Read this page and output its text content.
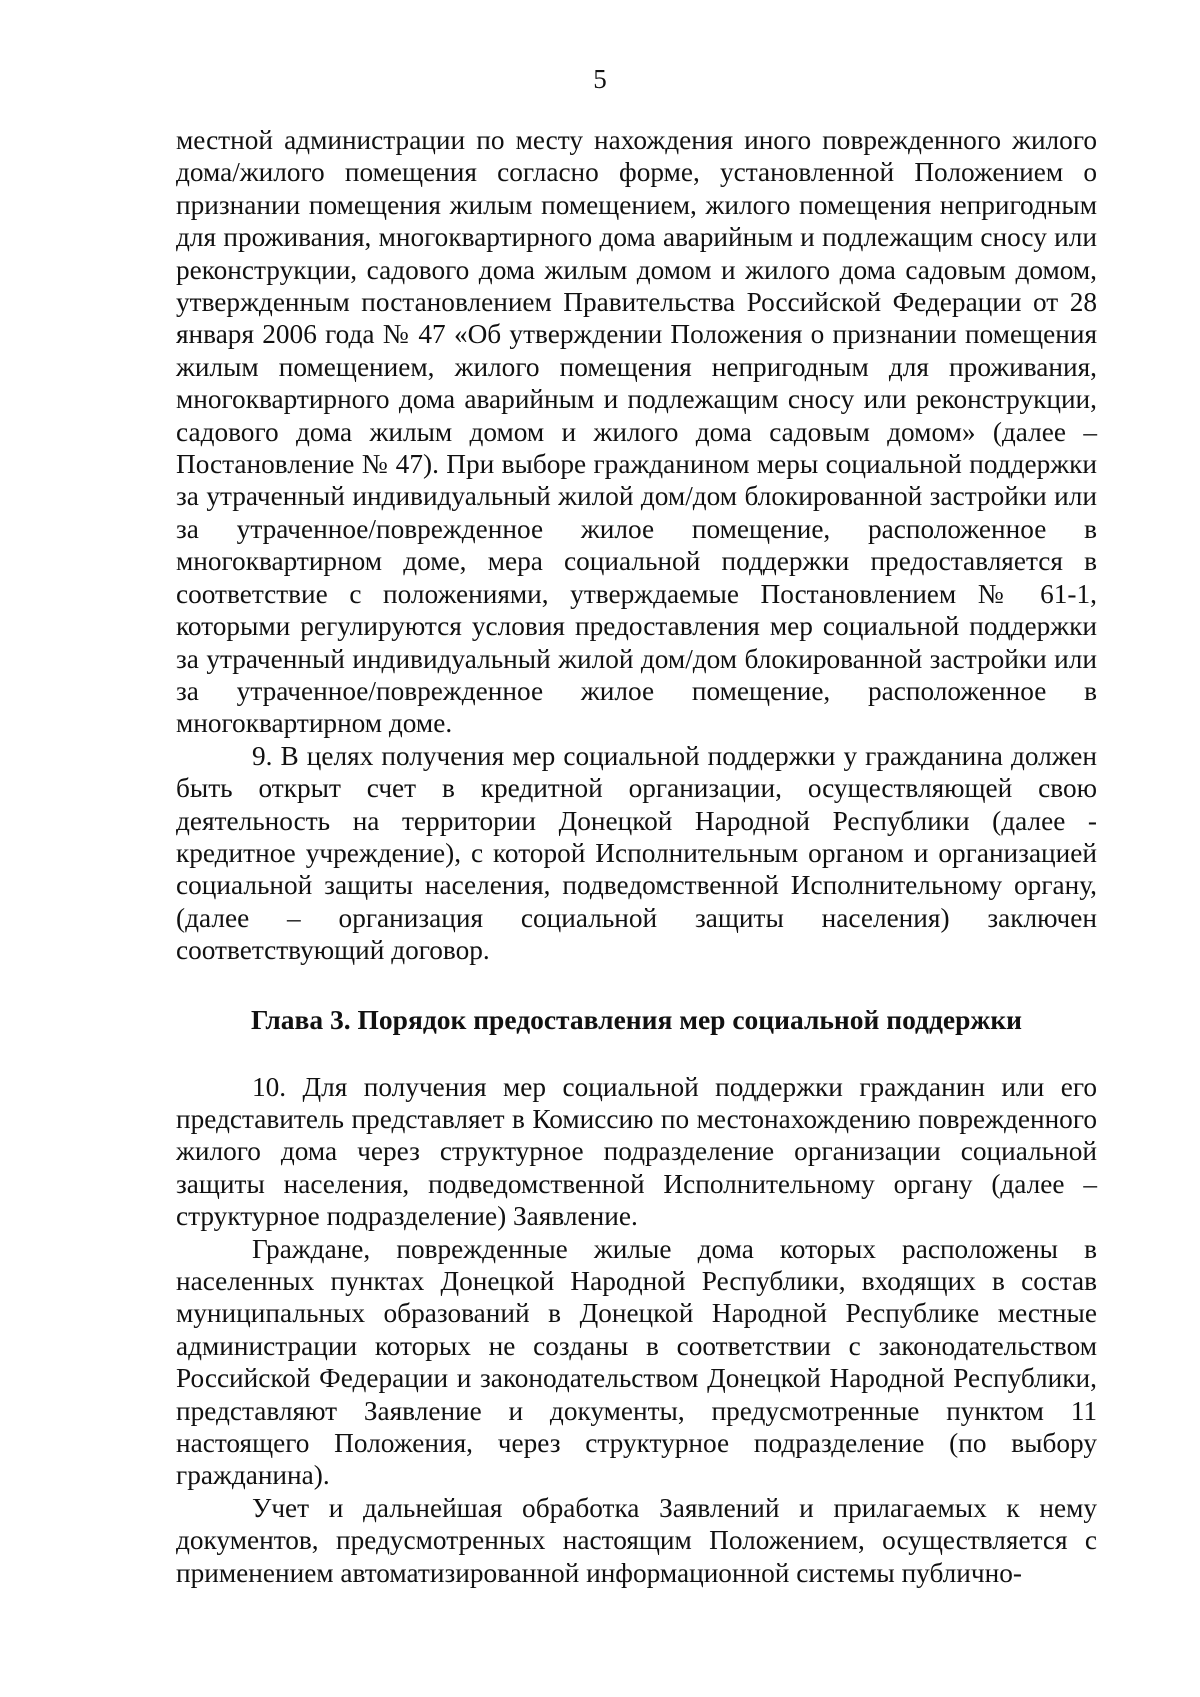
5

местной администрации по месту нахождения иного поврежденного жилого дома/жилого помещения согласно форме, установленной Положением о признании помещения жилым помещением, жилого помещения непригодным для проживания, многоквартирного дома аварийным и подлежащим сносу или реконструкции, садового дома жилым домом и жилого дома садовым домом, утвержденным постановлением Правительства Российской Федерации от 28 января 2006 года № 47 «Об утверждении Положения о признании помещения жилым помещением, жилого помещения непригодным для проживания, многоквартирного дома аварийным и подлежащим сносу или реконструкции, садового дома жилым домом и жилого дома садовым домом» (далее – Постановление № 47). При выборе гражданином меры социальной поддержки за утраченный индивидуальный жилой дом/дом блокированной застройки или за утраченное/поврежденное жилое помещение, расположенное в многоквартирном доме, мера социальной поддержки предоставляется в соответствие с положениями, утверждаемые Постановлением № 61-1, которыми регулируются условия предоставления мер социальной поддержки за утраченный индивидуальный жилой дом/дом блокированной застройки или за утраченное/поврежденное жилое помещение, расположенное в многоквартирном доме.

9. В целях получения мер социальной поддержки у гражданина должен быть открыт счет в кредитной организации, осуществляющей свою деятельность на территории Донецкой Народной Республики (далее - кредитное учреждение), с которой Исполнительным органом и организацией социальной защиты населения, подведомственной Исполнительному органу, (далее – организация социальной защиты населения) заключен соответствующий договор.

Глава 3. Порядок предоставления мер социальной поддержки

10. Для получения мер социальной поддержки гражданин или его представитель представляет в Комиссию по местонахождению поврежденного жилого дома через структурное подразделение организации социальной защиты населения, подведомственной Исполнительному органу (далее – структурное подразделение) Заявление.

Граждане, поврежденные жилые дома которых расположены в населенных пунктах Донецкой Народной Республики, входящих в состав муниципальных образований в Донецкой Народной Республике местные администрации которых не созданы в соответствии с законодательством Российской Федерации и законодательством Донецкой Народной Республики, представляют Заявление и документы, предусмотренные пунктом 11 настоящего Положения, через структурное подразделение (по выбору гражданина).

Учет и дальнейшая обработка Заявлений и прилагаемых к нему документов, предусмотренных настоящим Положением, осуществляется с применением автоматизированной информационной системы публично-
